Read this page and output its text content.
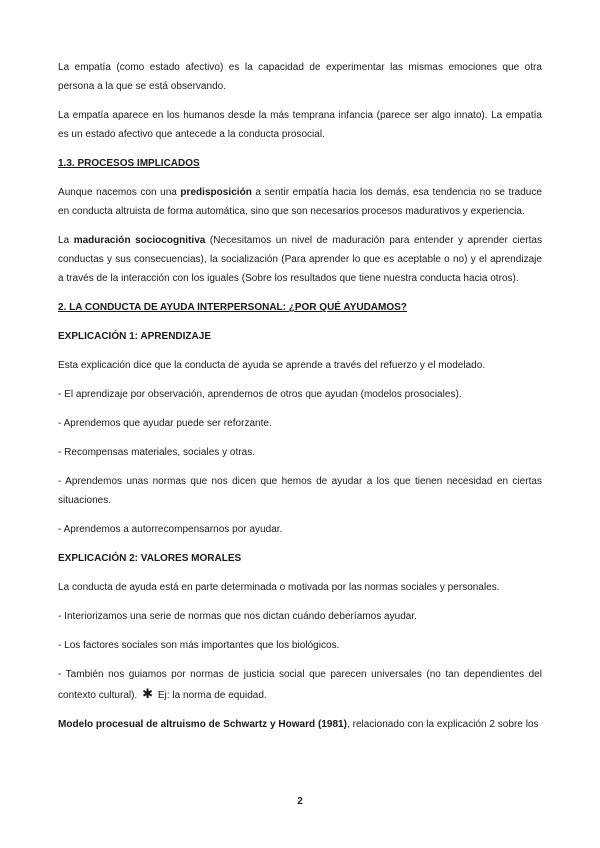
La empatía (como estado afectivo) es la capacidad de experimentar las mismas emociones que otra persona a la que se está observando.

La empatía aparece en los humanos desde la más temprana infancia (parece ser algo innato). La empatía es un estado afectivo que antecede a la conducta prosocial.

1.3. PROCESOS IMPLICADOS

Aunque nacemos con una predisposición a sentir empatía hacia los demás, esa tendencia no se traduce en conducta altruista de forma automática, sino que son necesarios procesos madurativos y experiencia.

La maduración sociocognitiva (Necesitamos un nivel de maduración para entender y aprender ciertas conductas y sus consecuencias), la socialización (Para aprender lo que es aceptable o no) y el aprendizaje a través de la interacción con los iguales (Sobre los resultados que tiene nuestra conducta hacia otros).

2. LA CONDUCTA DE AYUDA INTERPERSONAL: ¿POR QUÉ AYUDAMOS?

EXPLICACIÓN 1: APRENDIZAJE

Esta explicación dice que la conducta de ayuda se aprende a través del refuerzo y el modelado.

- El aprendizaje por observación, aprendemos de otros que ayudan (modelos prosociales).

- Aprendemos que ayudar puede ser reforzante.

- Recompensas materiales, sociales y otras.

- Aprendemos unas normas que nos dicen que hemos de ayudar a los que tienen necesidad en ciertas situaciones.

- Aprendemos a autorrecompensarnos por ayudar.

EXPLICACIÓN 2: VALORES MORALES

La conducta de ayuda está en parte determinada o motivada por las normas sociales y personales.

- Interiorizamos una serie de normas que nos dictan cuándo deberíamos ayudar.

- Los factores sociales son más importantes que los biológicos.

- También nos guiamos por normas de justicia social que parecen universales (no tan dependientes del contexto cultural). ✱ Ej: la norma de equidad.

Modelo procesual de altruismo de Schwartz y Howard (1981), relacionado con la explicación 2 sobre los

2
